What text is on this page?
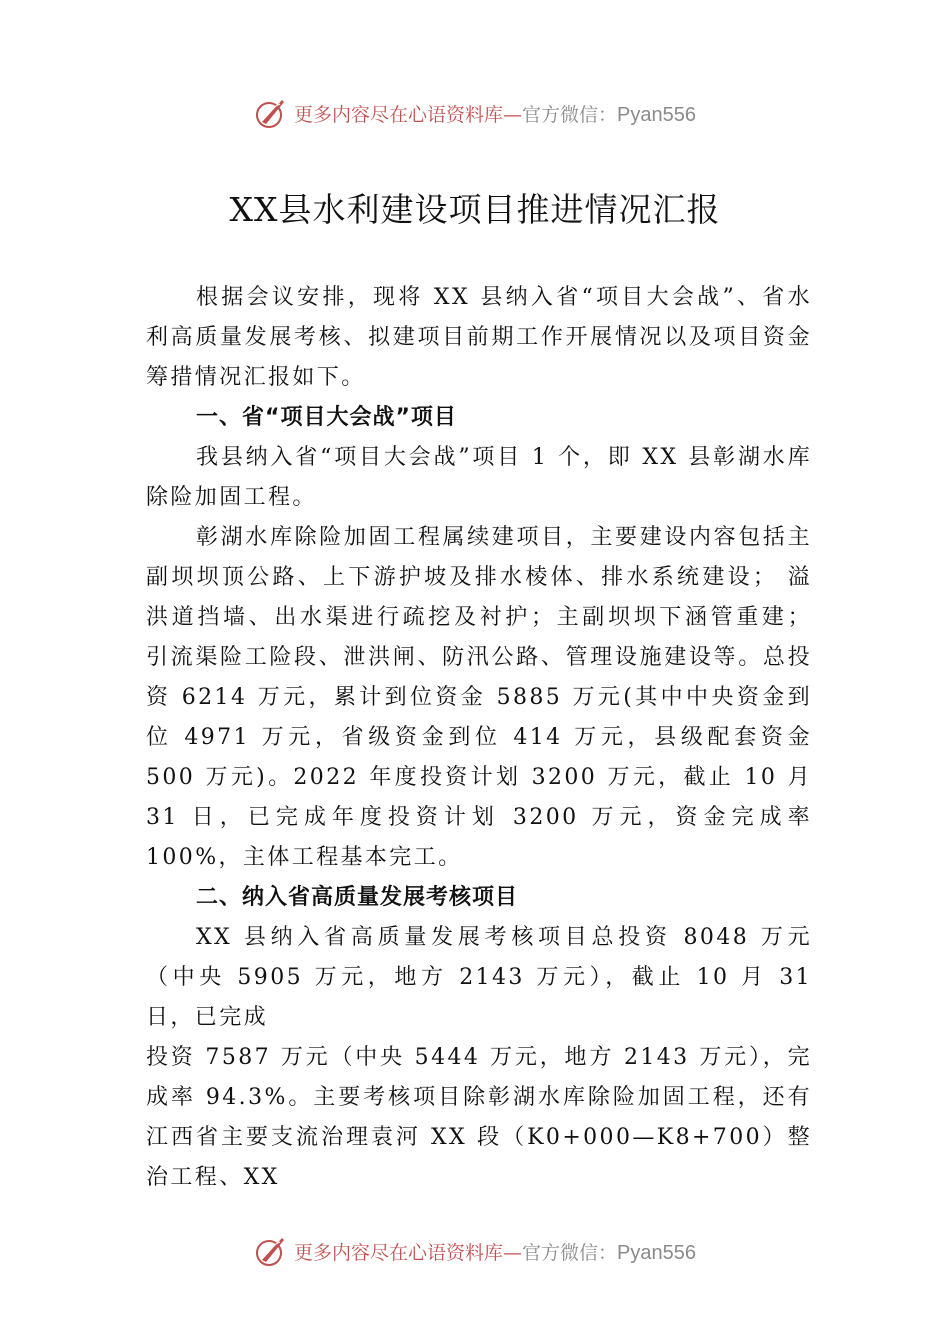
更多内容尽在心语资料库—官方微信：Pyan556
XX县水利建设项目推进情况汇报

根据会议安排，现将 XX 县纳入省“项目大会战”、省水利高质量发展考核、拟建项目前期工作开展情况以及项目资金筹措情况汇报如下。

一、省“项目大会战”项目

我县纳入省“项目大会战”项目 1 个，即 XX 县彰湖水库除险加固工程。

彰湖水库除险加固工程属续建项目，主要建设内容包括主副坝坝顶公路、上下游护坡及排水棱体、排水系统建设； 溢洪道挡墙、出水渠进行疏挖及衬护；主副坝坝下涵管重建； 引流渠险工险段、泄洪闸、防汛公路、管理设施建设等。总投资 6214 万元，累计到位资金 5885 万元(其中中央资金到位 4971 万元，省级资金到位 414 万元，县级配套资金 500 万元)。2022 年度投资计划 3200 万元，截止 10 月 31 日，已完成年度投资计划 3200 万元，资金完成率 100%，主体工程基本完工。

二、纳入省高质量发展考核项目

XX 县纳入省高质量发展考核项目总投资 8048 万元（中央 5905 万元，地方 2143 万元），截止 10 月 31 日，已完成

投资 7587 万元（中央 5444 万元，地方 2143 万元），完成率 94.3%。主要考核项目除彰湖水库除险加固工程，还有江西省主要支流治理袁河 XX 段（K0+000—K8+700）整治工程、XX

更多内容尽在心语资料库—官方微信：Pyan556
